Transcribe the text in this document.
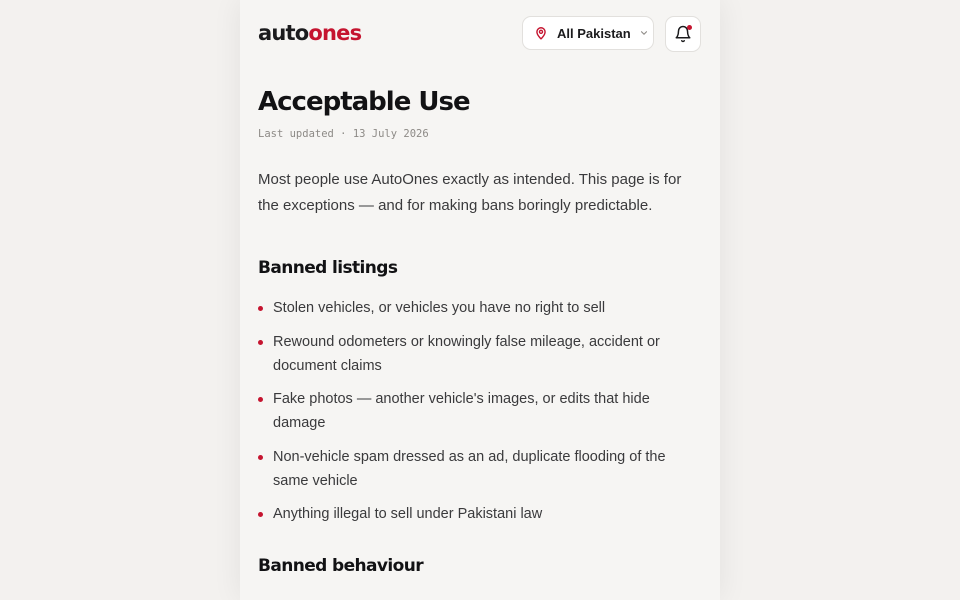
autoones	All Pakistan
Acceptable Use
Last updated · 13 July 2026

Most people use AutoOnes exactly as intended. This page is for the exceptions — and for making bans boringly predictable.

Banned listings
Stolen vehicles, or vehicles you have no right to sell
Rewound odometers or knowingly false mileage, accident or document claims
Fake photos — another vehicle's images, or edits that hide damage
Non-vehicle spam dressed as an ad, duplicate flooding of the same vehicle
Anything illegal to sell under Pakistani law
Banned behaviour
